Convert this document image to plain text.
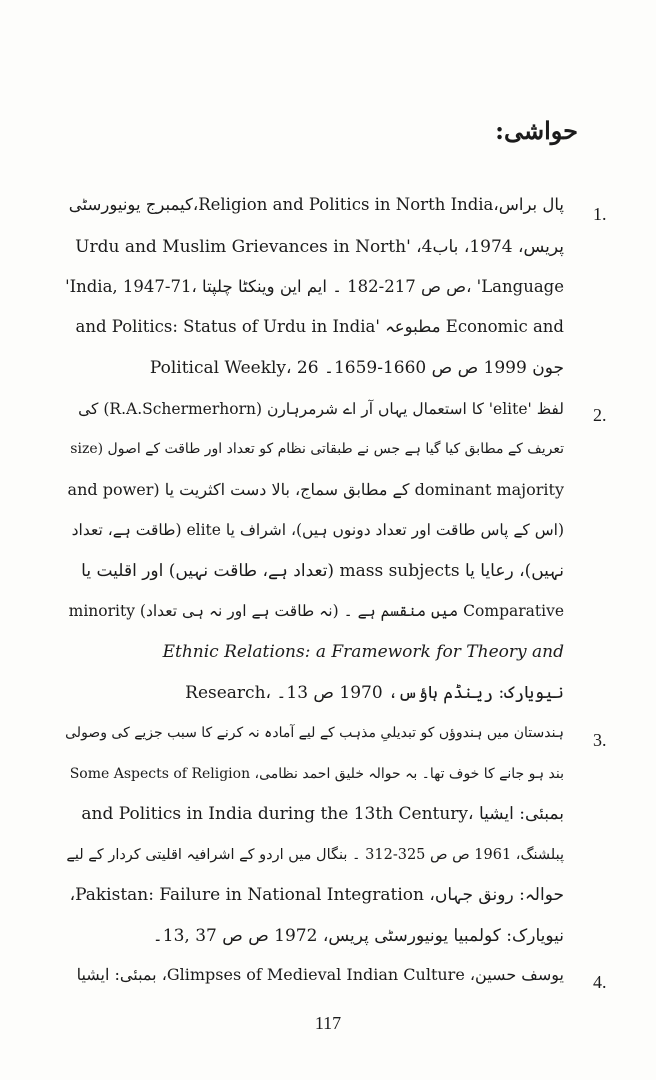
حواشی:
1.
پال براس،Religion and Politics in North India،کیمبرج یونیورسٹی
پریس، 1974، باب4، 'Urdu and Muslim Grievances in North
'India, 1947-71، ص ص 217-182 ۔ ایم این وینکٹا چلپتا، 'Language
and Politics: Status of Urdu in India' مطبوعہ Economic and
Political Weekly، 26 جون 1999 ص ص 1660-1659۔
2.
لفظ 'elite' کا استعمال یہاں آر اے شرمرہارن (R.A.Schermerhorn) کی
تعریف کے مطابق کیا گیا ہے جس نے طبقاتی نظام کو تعداد اور طاقت کے اصول (size
and power) کے مطابق سماج، بالا دست اکثریت یا dominant majority
(اس کے پاس طاقت اور تعداد دونوں ہیں)، اشراف یا elite (طاقت ہے، تعداد
نہیں)، رعایا یا mass subjects (تعداد ہے، طاقت نہیں) اور اقلیت یا
minority (نہ طاقت ہے اور نہ ہی تعداد) میں منقسم ہے ۔ Comparative
Ethnic Relations: a Framework for Theory and
Research، نیویارک: رینڈم ہاؤس، 1970 ص 13۔
3.
ہندستان میں ہندوؤں کو تبدیلیِ مذہب کے لیے آمادہ نہ کرنے کا سبب جزیے کی وصولی
بند ہو جانے کا خوف تھا۔ بہ حوالہ خلیق احمد نظامی، Some Aspects of Religion
and Politics in India during the 13th Century، بمبئی: ایشیا
پبلشنگ، 1961 ص ص 325-312 ۔ بنگال میں اردو کے اشرافیہ اقلیتی کردار کے لیے
حوالہ: رونق جہاں، Pakistan: Failure in National Integration،
نیویارک: کولمبیا یونیورسٹی پریس، 1972 ص ص 37 ,13۔
4.
یوسف حسین، Glimpses of Medieval Indian Culture، بمبئی: ایشیا
117
